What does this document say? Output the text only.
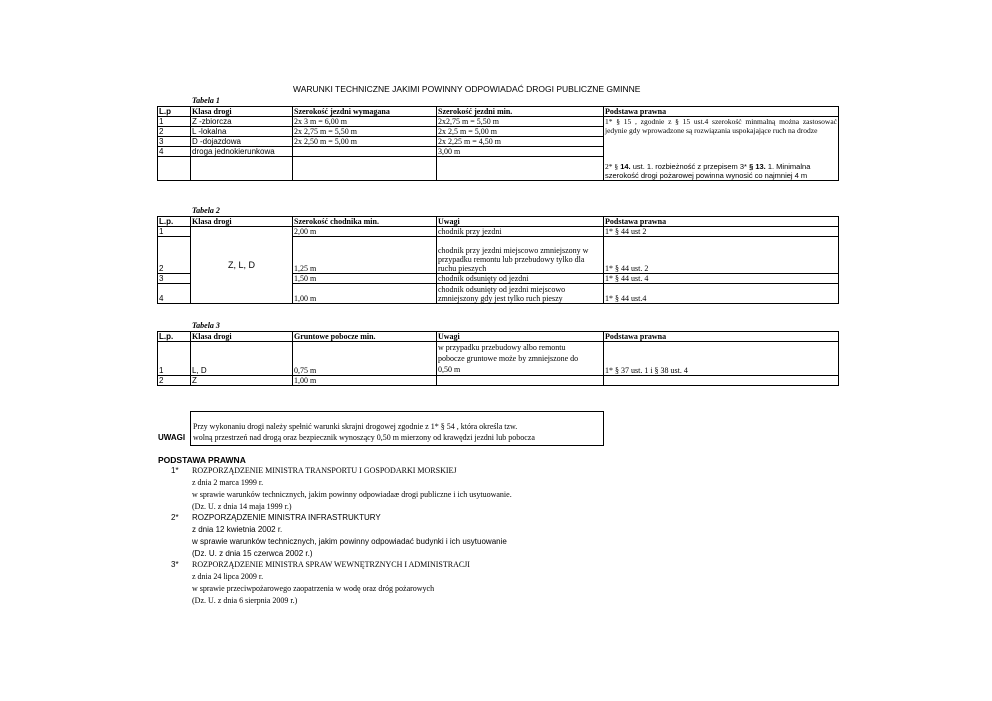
WARUNKI TECHNICZNE JAKIMI POWINNY ODPOWIADAĆ DROGI PUBLICZNE GMINNE
Tabela 1
L.p	Klasa drogi	Szerokość jezdni wymagana	Szerokość jezdni min.	Podstawa prawna
1	Z -zbiorcza	2x 3 m = 6,00 m	2x2,75 m = 5,50 m	1* § 15 , zgodnie z § 15 ust.4 szerokość minmalną można zastosować jedynie gdy wprowadzone są rozwiązania uspokajające ruch na drodze
2	L -lokalna	2x 2,75 m = 5,50 m	2x 2,5 m = 5,00 m	
3	D -dojazdowa	2x 2,50 m = 5,00 m	2x 2,25 m = 4,50 m	
4	droga jednokierunkowa		3,00 m	2* § 14. ust. 1. rozbieżność z przepisem 3* § 13. 1. Minimalna szerokość drogi pożarowej powinna wynosić co najmniej 4 m

Tabela 2
L.p.	Klasa drogi	Szerokość chodnika min.	Uwagi	Podstawa prawna
1	Z, L, D	2,00 m	chodnik przy jezdni	1* § 44 ust 2
2		1,25 m	chodnik przy jezdni miejscowo zmniejszony w przypadku remontu lub przebudowy tylko dla ruchu pieszych	1* § 44 ust. 2
3		1,50 m	chodnik odsunięty od jezdni	1* § 44 ust. 4
4		1,00 m	chodnik odsunięty od jezdni miejscowo zmniejszony gdy jest tylko ruch pieszy	1* § 44 ust.4
Tabela 3
L.p.	Klasa drogi	Gruntowe pobocze min.	Uwagi	Podstawa prawna
1	L, D	0,75 m	w przypadku przebudowy albo remontu
pobocze gruntowe może by zmniejszone do
0,50 m	1* § 37 ust. 1 i § 38 ust. 4
2	Z	1,00 m		
UWAGI
Przy wykonaniu drogi należy spełnić warunki skrajni drogowej zgodnie z 1* § 54 , która określa tzw.
wolną przestrzeń nad drogą oraz bezpiecznik wynoszący 0,50 m mierzony od krawędzi jezdni lub pobocza
PODSTAWA PRAWNA
1* ROZPORZĄDZENIE MINISTRA TRANSPORTU I GOSPODARKI MORSKIEJ
z dnia 2 marca 1999 r.
w sprawie warunków technicznych, jakim powinny odpowiadaæ drogi publiczne i ich usytuowanie.
(Dz. U. z dnia 14 maja 1999 r.)
2* ROZPORZĄDZENIE MINISTRA INFRASTRUKTURY
z dnia 12 kwietnia 2002 r.
w sprawie warunków technicznych, jakim powinny odpowiadać budynki i ich usytuowanie
(Dz. U. z dnia 15 czerwca 2002 r.)
3* ROZPORZĄDZENIE MINISTRA SPRAW WEWNĘTRZNYCH I ADMINISTRACJI
z dnia 24 lipca 2009 r.
w sprawie przeciwpożarowego zaopatrzenia w wodę oraz dróg pożarowych
(Dz. U. z dnia 6 sierpnia 2009 r.)
